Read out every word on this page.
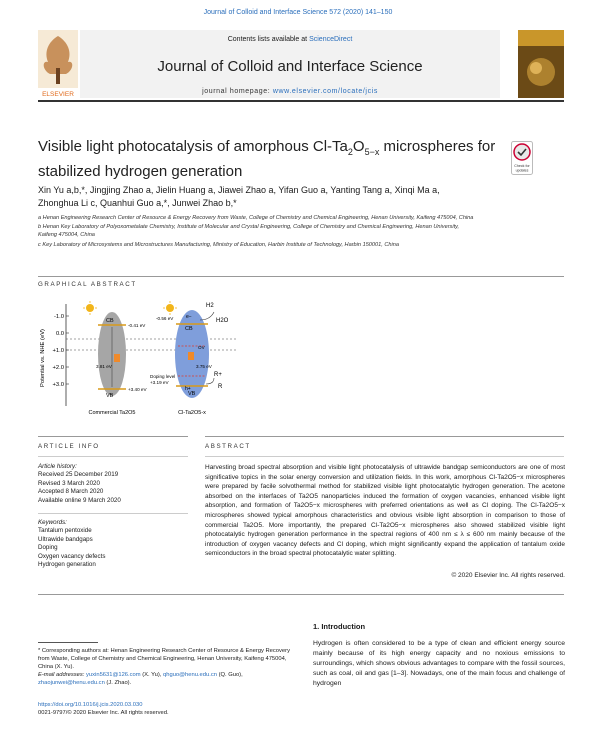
Journal of Colloid and Interface Science 572 (2020) 141–150
ELSEVIER
Contents lists available at ScienceDirect
Journal of Colloid and Interface Science
journal homepage: www.elsevier.com/locate/jcis
Visible light photocatalysis of amorphous $Cl-Ta_2O_{5-x}$ microspheres for
stabilized hydrogen generation	Check for
updates
Xin Yu a,b,*, Jingjing Zhao a, Jielin Huang a, Jiawei Zhao a, Yifan Guo a, Yanting Tang a, Xinqi Ma a,
Zhonghua Li c, Quanhui Guo a,*, Junwei Zhao b,*
a Henan Engineering Research Center of Resource & Energy Recovery from Waste, College of Chemistry and Chemical Engineering, Henan University, Kaifeng 475004, China
b Henan Key Laboratory of Polyoxometalate Chemistry, Institute of Molecular and Crystal Engineering, College of Chemistry and Chemical Engineering, Henan University,
Kaifeng 475004, China
c Key Laboratory of Microsystems and Microstructures Manufacturing, Ministry of Education, Harbin Institute of Technology, Harbin 150001, China
GRAPHICAL ABSTRACT
Potential vs. NHE (eV)
-1.0
0.0
+1.0
+2.0
+3.0
CB
VB
-0.41 eV
+3.40 eV
3.81 eV
Commercial Ta2O5
CB
VB
-0.56 eV
OV
3.75 eV
Doping level
+3.19 eV
e−
h+
H2
H2O
R+
R
Cl-Ta2O5-x
ARTICLE INFO	ABSTRACT
Article history:
Received 25 December 2019
Revised 3 March 2020
Accepted 8 March 2020
Available online 9 March 2020
Keywords:
Tantalum pentoxide
Ultrawide bandgaps
Doping
Oxygen vacancy defects
Hydrogen generation
Harvesting broad spectral absorption and visible light photocatalysis of ultrawide bandgap semiconductors are one of most significative topics in the solar energy conversion and utilization fields. In this work, amorphous Cl-Ta2O5−x microspheres were prepared by facile solvothermal method for stabilized visible light photocatalytic hydrogen generation. The acetone absorbed on the interfaces of Ta2O5 nanoparticles induced the formation of oxygen vacancies, enhanced visible light absorption, and formation of Ta2O5−x microspheres with preferred orientations as well as Cl doping. The Cl-Ta2O5−x microspheres showed typical amorphous characteristics and obvious visible light absorption in comparison to those of commercial Ta2O5. More importantly, the prepared Cl-Ta2O5−x microspheres also showed stabilized visible light photocatalytic hydrogen generation performance in the spectral regions of 400 nm ≤ λ ≤ 600 nm mainly because of the introduction of oxygen vacancy defects and Cl doping, which might significantly expand the application of tantalum oxide semiconductors in the broad spectral photocatalytic water splitting.
© 2020 Elsevier Inc. All rights reserved.
1. Introduction
Hydrogen is often considered to be a type of clean and efficient energy source mainly because of its high energy capacity and no noxious emissions to surroundings, which shows obvious advantages to compare with the fossil sources, such as coal, oil and gas [1–3]. Nowadays, one of the main focus and challenge of hydrogen
* Corresponding authors at: Henan Engineering Research Center of Resource & Energy Recovery from Waste, College of Chemistry and Chemical Engineering, Henan University, Kaifeng 475004, China (X. Yu).
E-mail addresses: yuxin5631@126.com (X. Yu), qhguo@henu.edu.cn (Q. Guo), zhaojunwei@henu.edu.cn (J. Zhao).
https://doi.org/10.1016/j.jcis.2020.03.030
0021-9797/© 2020 Elsevier Inc. All rights reserved.
